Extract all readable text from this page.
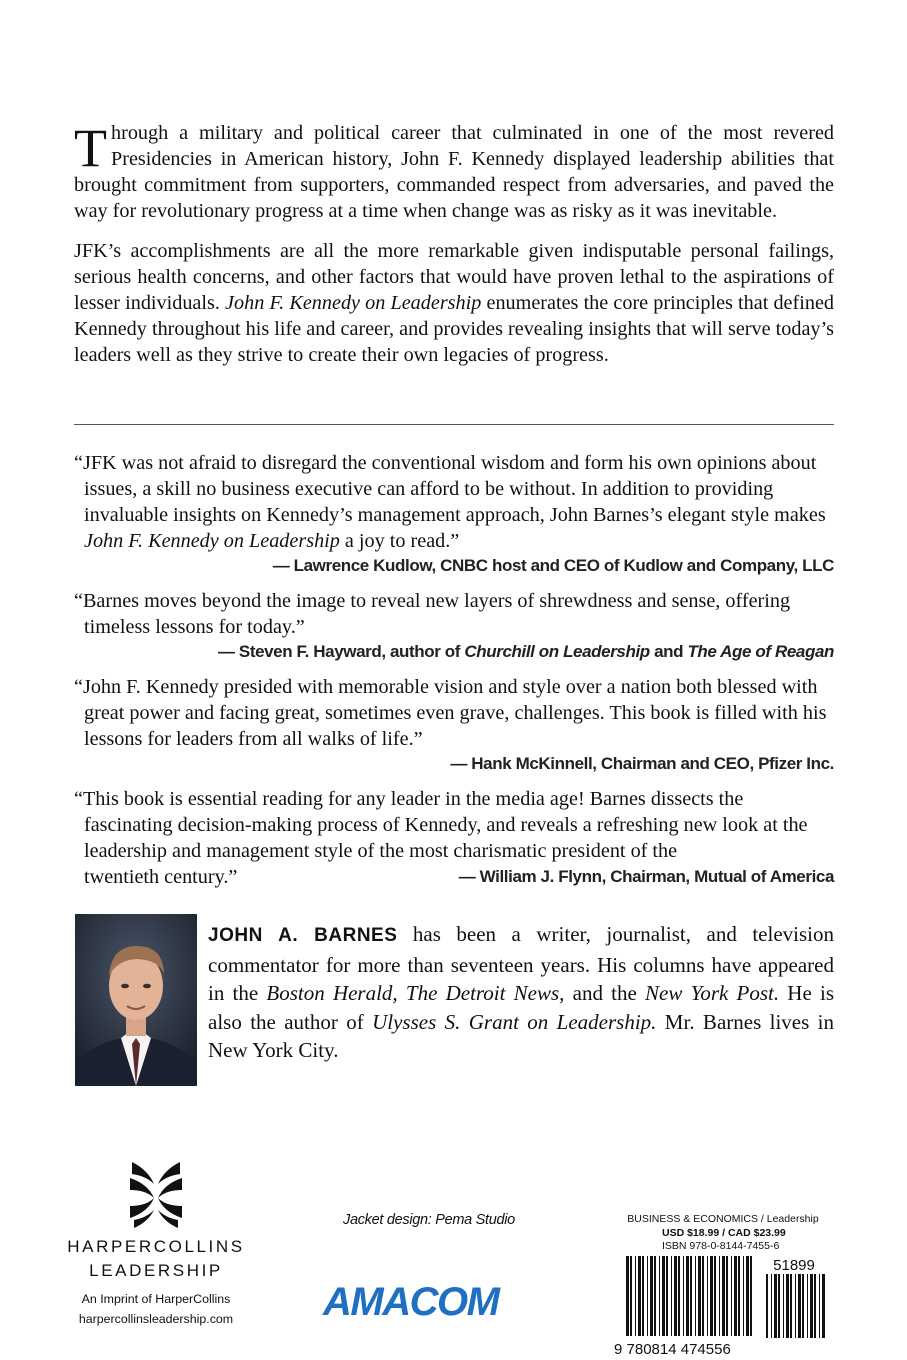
Through a military and political career that culminated in one of the most revered Presidencies in American history, John F. Kennedy displayed leadership abilities that brought commitment from supporters, commanded respect from adversaries, and paved the way for revolutionary progress at a time when change was as risky as it was inevitable.

JFK’s accomplishments are all the more remarkable given indisputable personal failings, serious health concerns, and other factors that would have proven lethal to the aspirations of lesser individuals. John F. Kennedy on Leadership enumerates the core principles that defined Kennedy throughout his life and career, and provides revealing insights that will serve today’s leaders well as they strive to create their own legacies of progress.

“JFK was not afraid to disregard the conventional wisdom and form his own opinions about issues, a skill no business executive can afford to be without. In addition to providing invaluable insights on Kennedy’s management approach, John Barnes’s elegant style makes John F. Kennedy on Leadership a joy to read.”
— Lawrence Kudlow, CNBC host and CEO of Kudlow and Company, LLC
“Barnes moves beyond the image to reveal new layers of shrewdness and sense, offering timeless lessons for today.”
— Steven F. Hayward, author of Churchill on Leadership and The Age of Reagan
“John F. Kennedy presided with memorable vision and style over a nation both blessed with great power and facing great, sometimes even grave, challenges. This book is filled with his lessons for leaders from all walks of life.”
— Hank McKinnell, Chairman and CEO, Pfizer Inc.
“This book is essential reading for any leader in the media age! Barnes dissects the fascinating decision-making process of Kennedy, and reveals a refreshing new look at the leadership and management style of the most charismatic president of the
twentieth century.”	— William J. Flynn, Chairman, Mutual of America
JOHN A. BARNES has been a writer, journalist, and television commentator for more than seventeen years. His columns have appeared in the Boston Herald, The Detroit News, and the New York Post. He is also the author of Ulysses S. Grant on Leadership. Mr. Barnes lives in New York City.
HARPERCOLLINS
LEADERSHIP
An Imprint of HarperCollins
harpercollinsleadership.com
Jacket design: Pema Studio
AMACOM
BUSINESS & ECONOMICS / Leadership
USD $18.99 / CAD $23.99
ISBN 978-0-8144-7455-6
9 780814 474556
51899
